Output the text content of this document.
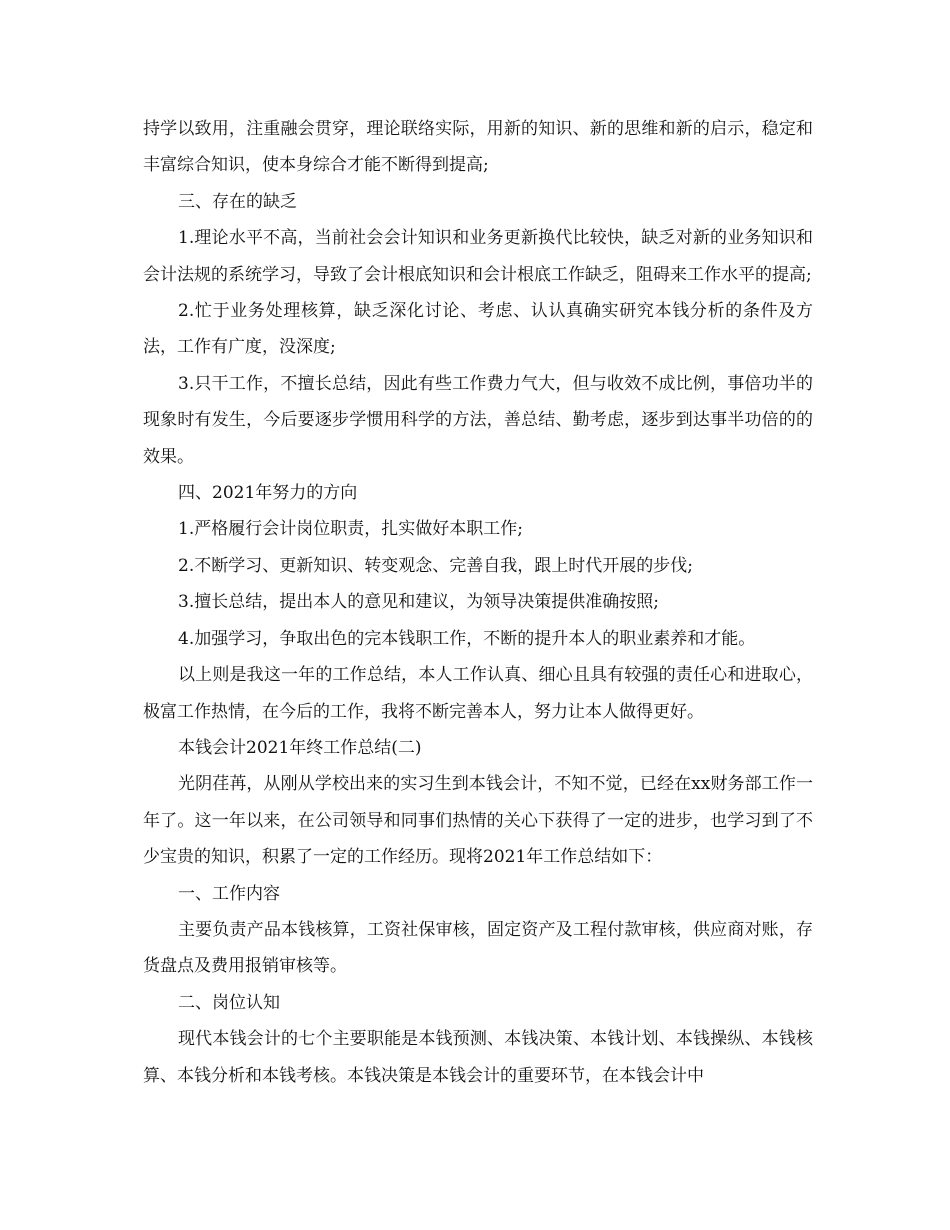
持学以致用，注重融会贯穿，理论联络实际，用新的知识、新的思维和新的启示，稳定和丰富综合知识，使本身综合才能不断得到提高;

三、存在的缺乏

1.理论水平不高，当前社会会计知识和业务更新换代比较快，缺乏对新的业务知识和会计法规的系统学习，导致了会计根底知识和会计根底工作缺乏，阻碍来工作水平的提高;

2.忙于业务处理核算，缺乏深化讨论、考虑、认认真确实研究本钱分析的条件及方法，工作有广度，没深度;

3.只干工作，不擅长总结，因此有些工作费力气大，但与收效不成比例，事倍功半的现象时有发生，今后要逐步学惯用科学的方法，善总结、勤考虑，逐步到达事半功倍的的效果。

四、2021年努力的方向

1.严格履行会计岗位职责，扎实做好本职工作;

2.不断学习、更新知识、转变观念、完善自我，跟上时代开展的步伐;

3.擅长总结，提出本人的意见和建议，为领导决策提供准确按照;

4.加强学习，争取出色的完本钱职工作，不断的提升本人的职业素养和才能。

以上则是我这一年的工作总结，本人工作认真、细心且具有较强的责任心和进取心，极富工作热情，在今后的工作，我将不断完善本人，努力让本人做得更好。

本钱会计2021年终工作总结(二)

光阴荏苒，从刚从学校出来的实习生到本钱会计，不知不觉，已经在xx财务部工作一年了。这一年以来，在公司领导和同事们热情的关心下获得了一定的进步，也学习到了不少宝贵的知识，积累了一定的工作经历。现将2021年工作总结如下：

一、工作内容

主要负责产品本钱核算，工资社保审核，固定资产及工程付款审核，供应商对账，存货盘点及费用报销审核等。

二、岗位认知

现代本钱会计的七个主要职能是本钱预测、本钱决策、本钱计划、本钱操纵、本钱核算、本钱分析和本钱考核。本钱决策是本钱会计的重要环节，在本钱会计中
